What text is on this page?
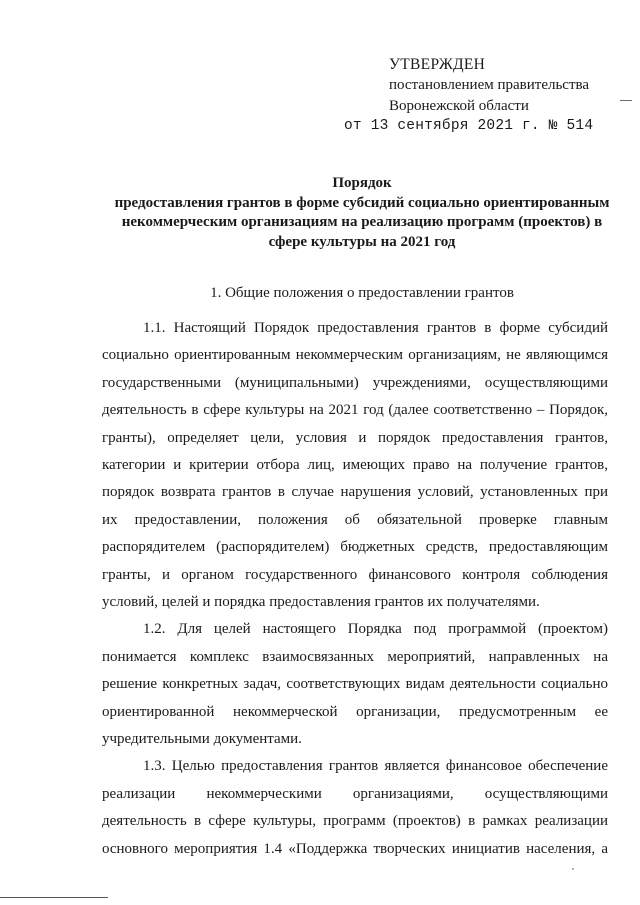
УТВЕРЖДЕН
постановлением правительства
Воронежской области
от 13 сентября 2021 г. № 514
Порядок
предоставления грантов в форме субсидий социально ориентированным
некоммерческим организациям на реализацию программ (проектов) в
сфере культуры на 2021 год
1. Общие положения о предоставлении грантов
1.1. Настоящий Порядок предоставления грантов в форме субсидий
социально ориентированным некоммерческим организациям, не являющимся
государственными (муниципальными) учреждениями, осуществляющими
деятельность в сфере культуры на 2021 год (далее соответственно – Порядок,
гранты), определяет цели, условия и порядок предоставления грантов,
категории и критерии отбора лиц, имеющих право на получение грантов,
порядок возврата грантов в случае нарушения условий, установленных при
их предоставлении, положения об обязательной проверке главным
распорядителем (распорядителем) бюджетных средств, предоставляющим
гранты, и органом государственного финансового контроля соблюдения
условий, целей и порядка предоставления грантов их получателями.
1.2. Для целей настоящего Порядка под программой (проектом)
понимается комплекс взаимосвязанных мероприятий, направленных на
решение конкретных задач, соответствующих видам деятельности социально
ориентированной некоммерческой организации, предусмотренным ее
учредительными документами.
1.3. Целью предоставления грантов является финансовое обеспечение
реализации некоммерческими организациями, осуществляющими
деятельность в сфере культуры, программ (проектов) в рамках реализации
основного мероприятия 1.4 «Поддержка творческих инициатив населения, а
